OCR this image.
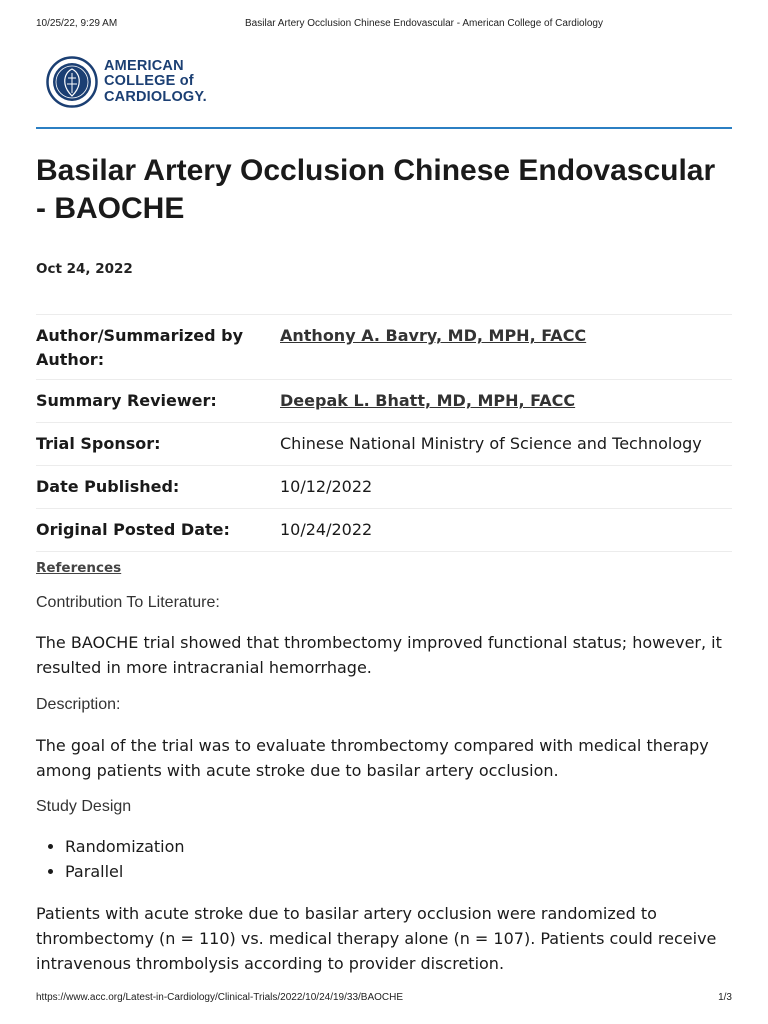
10/25/22, 9:29 AM	Basilar Artery Occlusion Chinese Endovascular - American College of Cardiology
AMERICAN
COLLEGE of
CARDIOLOGY.
Basilar Artery Occlusion Chinese Endovascular - BAOCHE
Oct 24, 2022
Author/Summarized by Author:
Anthony A. Bavry, MD, MPH, FACC
Summary Reviewer:	Deepak L. Bhatt, MD, MPH, FACC
Trial Sponsor:	Chinese National Ministry of Science and Technology
Date Published:	10/12/2022
Original Posted Date:	10/24/2022
References

Contribution To Literature:

The BAOCHE trial showed that thrombectomy improved functional status; however, it resulted in more intracranial hemorrhage.

Description:

The goal of the trial was to evaluate thrombectomy compared with medical therapy among patients with acute stroke due to basilar artery occlusion.

Study Design

• Randomization
• Parallel

Patients with acute stroke due to basilar artery occlusion were randomized to thrombectomy (n = 110) vs. medical therapy alone (n = 107). Patients could receive intravenous thrombolysis according to provider discretion.

https://www.acc.org/Latest-in-Cardiology/Clinical-Trials/2022/10/24/19/33/BAOCHE	1/3
